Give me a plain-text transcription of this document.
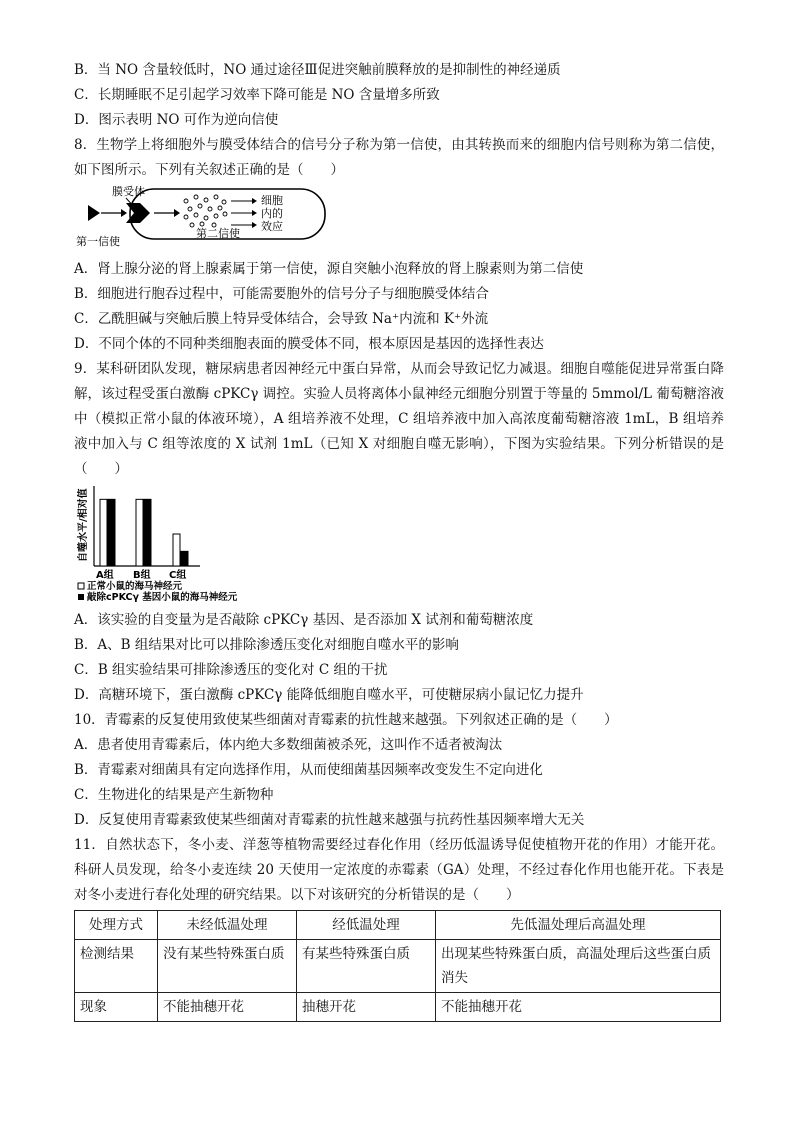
B．当 NO 含量较低时，NO 通过途径Ⅲ促进突触前膜释放的是抑制性的神经递质
C．长期睡眠不足引起学习效率下降可能是 NO 含量增多所致
D．图示表明 NO 可作为逆向信使
8．生物学上将细胞外与膜受体结合的信号分子称为第一信使，由其转换而来的细胞内信号则称为第二信使，如下图所示。下列有关叙述正确的是（　　）
膜受体
细胞
内的
效应
第一信使
第二信使
A．肾上腺分泌的肾上腺素属于第一信使，源自突触小泡释放的肾上腺素则为第二信使
B．细胞进行胞吞过程中，可能需要胞外的信号分子与细胞膜受体结合
C．乙酰胆碱与突触后膜上特异受体结合，会导致 Na⁺内流和 K⁺外流
D．不同个体的不同种类细胞表面的膜受体不同，根本原因是基因的选择性表达
9．某科研团队发现，糖尿病患者因神经元中蛋白异常，从而会导致记忆力减退。细胞自噬能促进异常蛋白降解，该过程受蛋白激酶 cPKCγ 调控。实验人员将离体小鼠神经元细胞分别置于等量的 5mmol/L 葡萄糖溶液中（模拟正常小鼠的体液环境），A 组培养液不处理，C 组培养液中加入高浓度葡萄糖溶液 1mL，B 组培养液中加入与 C 组等浓度的 X 试剂 1mL（已知 X 对细胞自噬无影响），下图为实验结果。下列分析错误的是（　　）
自噬水平/相对值
A组 B组 C组
正常小鼠的海马神经元
敲除cPKCγ 基因小鼠的海马神经元
A．该实验的自变量为是否敲除 cPKCγ 基因、是否添加 X 试剂和葡萄糖浓度
B．A、B 组结果对比可以排除渗透压变化对细胞自噬水平的影响
C．B 组实验结果可排除渗透压的变化对 C 组的干扰
D．高糖环境下，蛋白激酶 cPKCγ 能降低细胞自噬水平，可使糖尿病小鼠记忆力提升
10．青霉素的反复使用致使某些细菌对青霉素的抗性越来越强。下列叙述正确的是（　　）
A．患者使用青霉素后，体内绝大多数细菌被杀死，这叫作不适者被淘汰
B．青霉素对细菌具有定向选择作用，从而使细菌基因频率改变发生不定向进化
C．生物进化的结果是产生新物种
D．反复使用青霉素致使某些细菌对青霉素的抗性越来越强与抗药性基因频率增大无关
11．自然状态下，冬小麦、洋葱等植物需要经过春化作用（经历低温诱导促使植物开花的作用）才能开花。科研人员发现，给冬小麦连续 20 天使用一定浓度的赤霉素（GA）处理，不经过春化作用也能开花。下表是对冬小麦进行春化处理的研究结果。以下对该研究的分析错误的是（　　）
处理方式	未经低温处理	经低温处理	先低温处理后高温处理
检测结果	没有某些特殊蛋白质	有某些特殊蛋白质	出现某些特殊蛋白质，高温处理后这些蛋白质消失
现象	不能抽穗开花	抽穗开花	不能抽穗开花
